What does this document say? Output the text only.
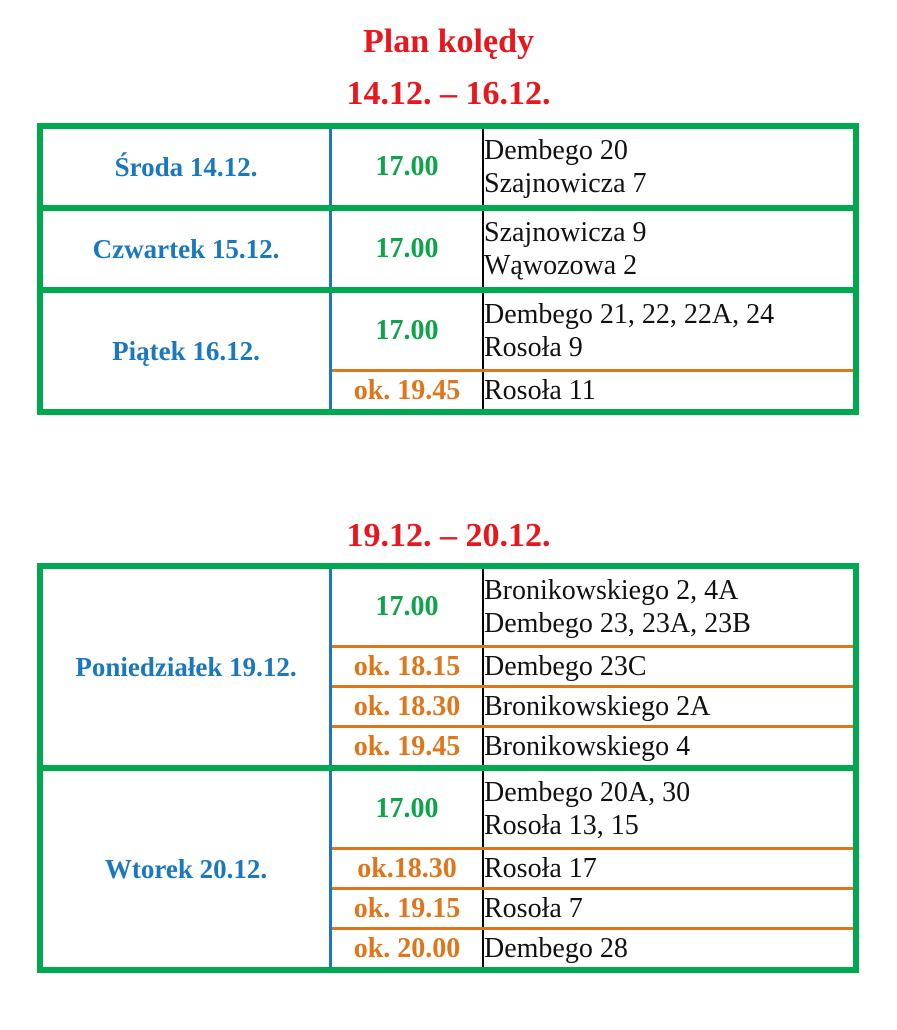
Plan kolędy
14.12. – 16.12.
Środa 14.12.	17.00	Dembego 20
Szajnowicza 7

Czwartek 15.12.	17.00	Szajnowicza 9
Wąwozowa 2

Piątek 16.12.	17.00	Dembego 21, 22, 22A, 24
Rosoła 9

	ok. 19.45	Rosoła 11
19.12. – 20.12.
Poniedziałek 19.12.	17.00	Bronikowskiego 2, 4A
Dembego 23, 23A, 23B

	ok. 18.15	Dembego 23C

	ok. 18.30	Bronikowskiego 2A

	ok. 19.45	Bronikowskiego 4

Wtorek 20.12.	17.00	Dembego 20A, 30
Rosoła 13, 15

	ok.18.30	Rosoła 17

	ok. 19.15	Rosoła 7

	ok. 20.00	Dembego 28
